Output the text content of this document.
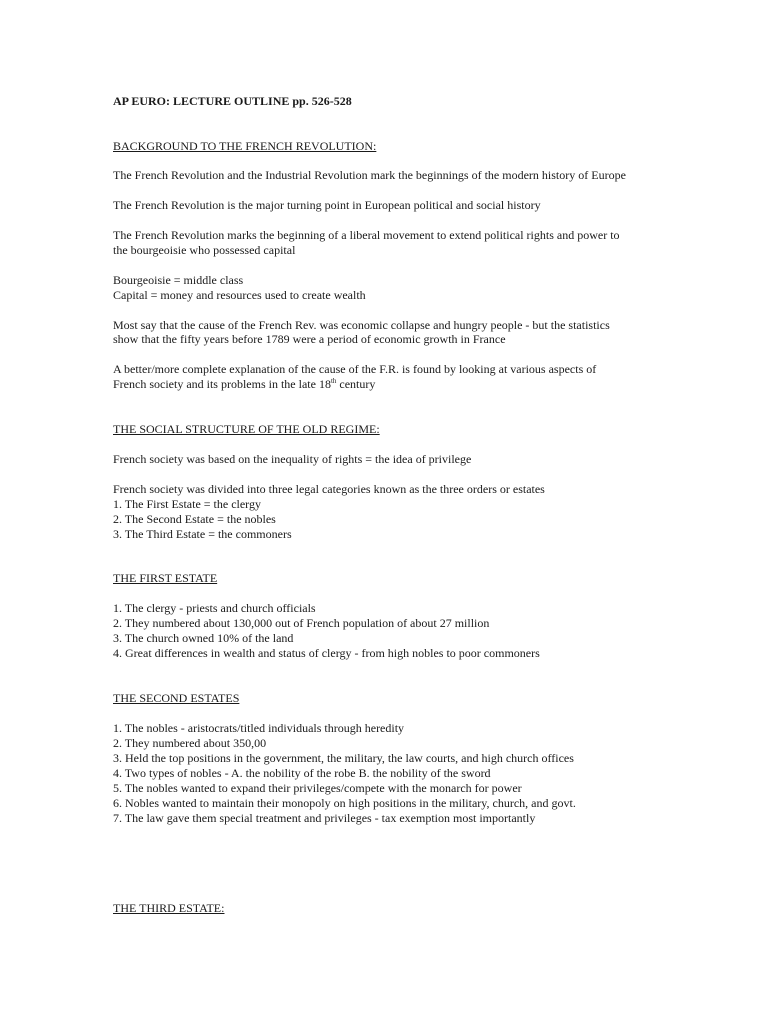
AP EURO: LECTURE OUTLINE pp. 526-528
BACKGROUND TO THE FRENCH REVOLUTION:
The French Revolution and the Industrial Revolution mark the beginnings of the modern history of Europe
The French Revolution is the major turning point in European political and social history
The French Revolution marks the beginning of a liberal movement to extend political rights and power to
the bourgeoisie who possessed capital
Bourgeoisie = middle class
Capital = money and resources used to create wealth
Most say that the cause of the French Rev. was economic collapse and hungry people - but the statistics
show that the fifty years before 1789 were a period of economic growth in France
A better/more complete explanation of the cause of the F.R. is found by looking at various aspects of
French society and its problems in the late 18th century
THE SOCIAL STRUCTURE OF THE OLD REGIME:
French society was based on the inequality of rights = the idea of privilege
French society was divided into three legal categories known as the three orders or estates
1. The First Estate = the clergy
2. The Second Estate = the nobles
3. The Third Estate = the commoners
THE FIRST ESTATE
1. The clergy - priests and church officials
2. They numbered about 130,000 out of French population of about 27 million
3. The church owned 10% of the land
4. Great differences in wealth and status of clergy - from high nobles to poor commoners
THE SECOND ESTATES
1. The nobles - aristocrats/titled individuals through heredity
2. They numbered about 350,00
3. Held the top positions in the government, the military, the law courts, and high church offices
4. Two types of nobles - A. the nobility of the robe B. the nobility of the sword
5. The nobles wanted to expand their privileges/compete with the monarch for power
6. Nobles wanted to maintain their monopoly on high positions in the military, church, and govt.
7. The law gave them special treatment and privileges - tax exemption most importantly
THE THIRD ESTATE:
